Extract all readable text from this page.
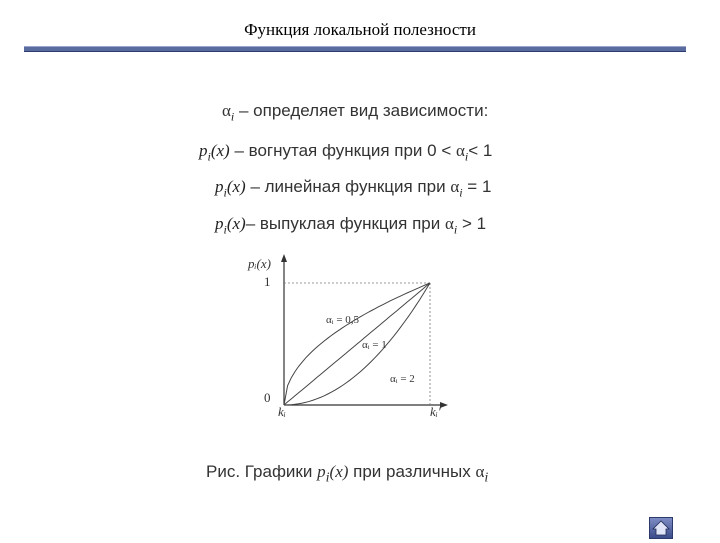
Функция локальной полезности
$\alpha_i$ – определяет вид зависимости:
$p_i(x)$ – вогнутая функция при $0 < \alpha_i< 1$
$p_i(x)$ – линейная функция при $\alpha_i = 1$
$p_i(x)-$ выпуклая функция при $\alpha_i > 1$
pᵢ(x)
1
0
kᵢ	kᵢ'
αᵢ = 0,5
αᵢ = 1
αᵢ = 2
Рис. Графики $p_i(x)$ при различных $\alpha_i$
